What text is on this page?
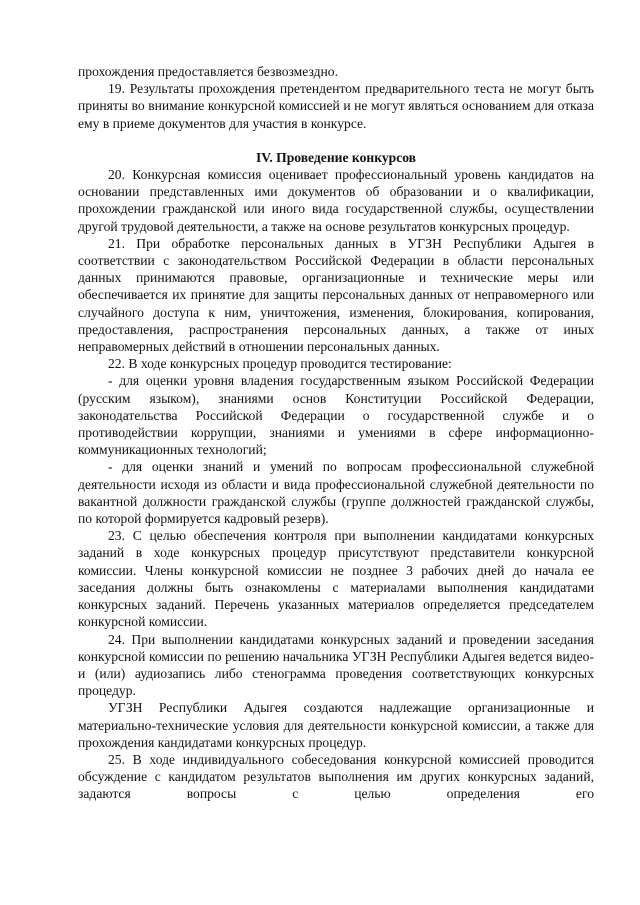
прохождения предоставляется безвозмездно.

19. Результаты прохождения претендентом предварительного теста не могут быть приняты во внимание конкурсной комиссией и не могут являться основанием для отказа ему в приеме документов для участия в конкурсе.

IV. Проведение конкурсов

20. Конкурсная комиссия оценивает профессиональный уровень кандидатов на основании представленных ими документов об образовании и о квалификации, прохождении гражданской или иного вида государственной службы, осуществлении другой трудовой деятельности, а также на основе результатов конкурсных процедур.

21. При обработке персональных данных в УГЗН Республики Адыгея в соответствии с законодательством Российской Федерации в области персональных данных принимаются правовые, организационные и технические меры или обеспечивается их принятие для защиты персональных данных от неправомерного или случайного доступа к ним, уничтожения, изменения, блокирования, копирования, предоставления, распространения персональных данных, а также от иных неправомерных действий в отношении персональных данных.

22. В ходе конкурсных процедур проводится тестирование:

- для оценки уровня владения государственным языком Российской Федерации (русским языком), знаниями основ Конституции Российской Федерации, законодательства Российской Федерации о государственной службе и о противодействии коррупции, знаниями и умениями в сфере информационно-коммуникационных технологий;

- для оценки знаний и умений по вопросам профессиональной служебной деятельности исходя из области и вида профессиональной служебной деятельности по вакантной должности гражданской службы (группе должностей гражданской службы, по которой формируется кадровый резерв).

23. С целью обеспечения контроля при выполнении кандидатами конкурсных заданий в ходе конкурсных процедур присутствуют представители конкурсной комиссии. Члены конкурсной комиссии не позднее 3 рабочих дней до начала ее заседания должны быть ознакомлены с материалами выполнения кандидатами конкурсных заданий. Перечень указанных материалов определяется председателем конкурсной комиссии.

24. При выполнении кандидатами конкурсных заданий и проведении заседания конкурсной комиссии по решению начальника УГЗН Республики Адыгея ведется видео- и (или) аудиозапись либо стенограмма проведения соответствующих конкурсных процедур.

УГЗН Республики Адыгея создаются надлежащие организационные и материально-технические условия для деятельности конкурсной комиссии, а также для прохождения кандидатами конкурсных процедур.

25. В ходе индивидуального собеседования конкурсной комиссией проводится обсуждение с кандидатом результатов выполнения им других конкурсных заданий, задаются вопросы с целью определения его
